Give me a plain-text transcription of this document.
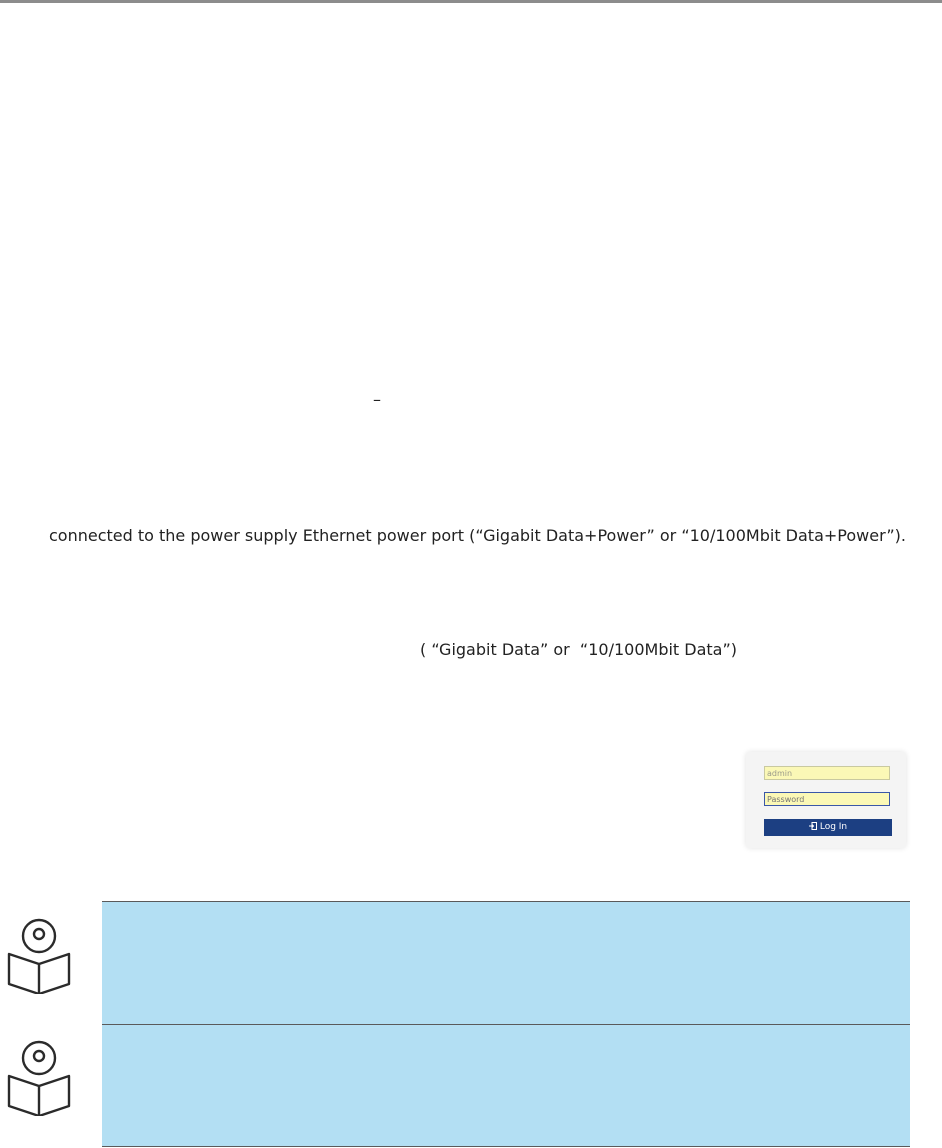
–

connected to the power supply Ethernet power port (“Gigabit Data+Power” or “10/100Mbit Data+Power”).

( “Gigabit Data” or  “10/100Mbit Data”)

admin
Password
Log In
